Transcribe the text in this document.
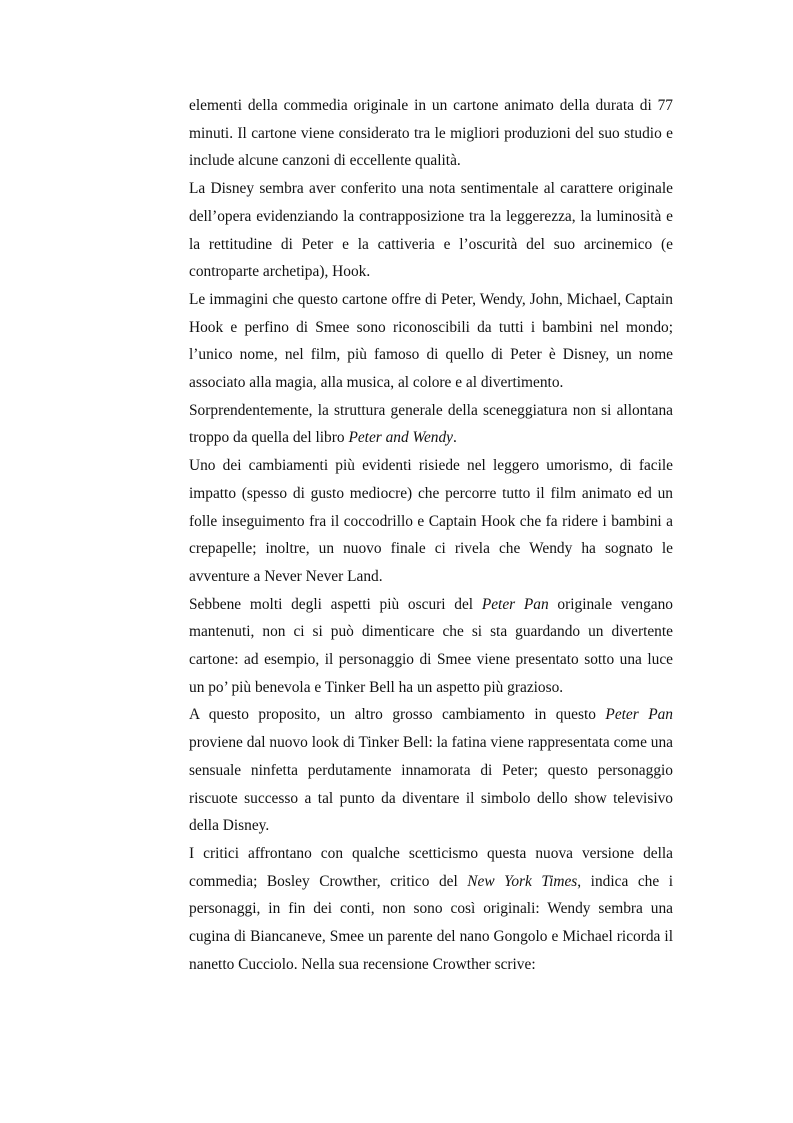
elementi della commedia originale in un cartone animato della durata di 77 minuti. Il cartone viene considerato tra le migliori produzioni del suo studio e include alcune canzoni di eccellente qualità.

La Disney sembra aver conferito una nota sentimentale al carattere originale dell’opera evidenziando la contrapposizione tra la leggerezza, la luminosità e la rettitudine di Peter e la cattiveria e l’oscurità del suo arcinemico (e controparte archetipa), Hook.

Le immagini che questo cartone offre di Peter, Wendy, John, Michael, Captain Hook e perfino di Smee sono riconoscibili da tutti i bambini nel mondo; l’unico nome, nel film, più famoso di quello di Peter è Disney, un nome associato alla magia, alla musica, al colore e al divertimento.

Sorprendentemente, la struttura generale della sceneggiatura non si allontana troppo da quella del libro Peter and Wendy.

Uno dei cambiamenti più evidenti risiede nel leggero umorismo, di facile impatto (spesso di gusto mediocre) che percorre tutto il film animato ed un folle inseguimento fra il coccodrillo e Captain Hook che fa ridere i bambini a crepapelle; inoltre, un nuovo finale ci rivela che Wendy ha sognato le avventure a Never Never Land.

Sebbene molti degli aspetti più oscuri del Peter Pan originale vengano mantenuti, non ci si può dimenticare che si sta guardando un divertente cartone: ad esempio, il personaggio di Smee viene presentato sotto una luce un po’ più benevola e Tinker Bell ha un aspetto più grazioso.

A questo proposito, un altro grosso cambiamento in questo Peter Pan proviene dal nuovo look di Tinker Bell: la fatina viene rappresentata come una sensuale ninfetta perdutamente innamorata di Peter; questo personaggio riscuote successo a tal punto da diventare il simbolo dello show televisivo della Disney.

I critici affrontano con qualche scetticismo questa nuova versione della commedia; Bosley Crowther, critico del New York Times, indica che i personaggi, in fin dei conti, non sono così originali: Wendy sembra una cugina di Biancaneve, Smee un parente del nano Gongolo e Michael ricorda il nanetto Cucciolo. Nella sua recensione Crowther scrive:
